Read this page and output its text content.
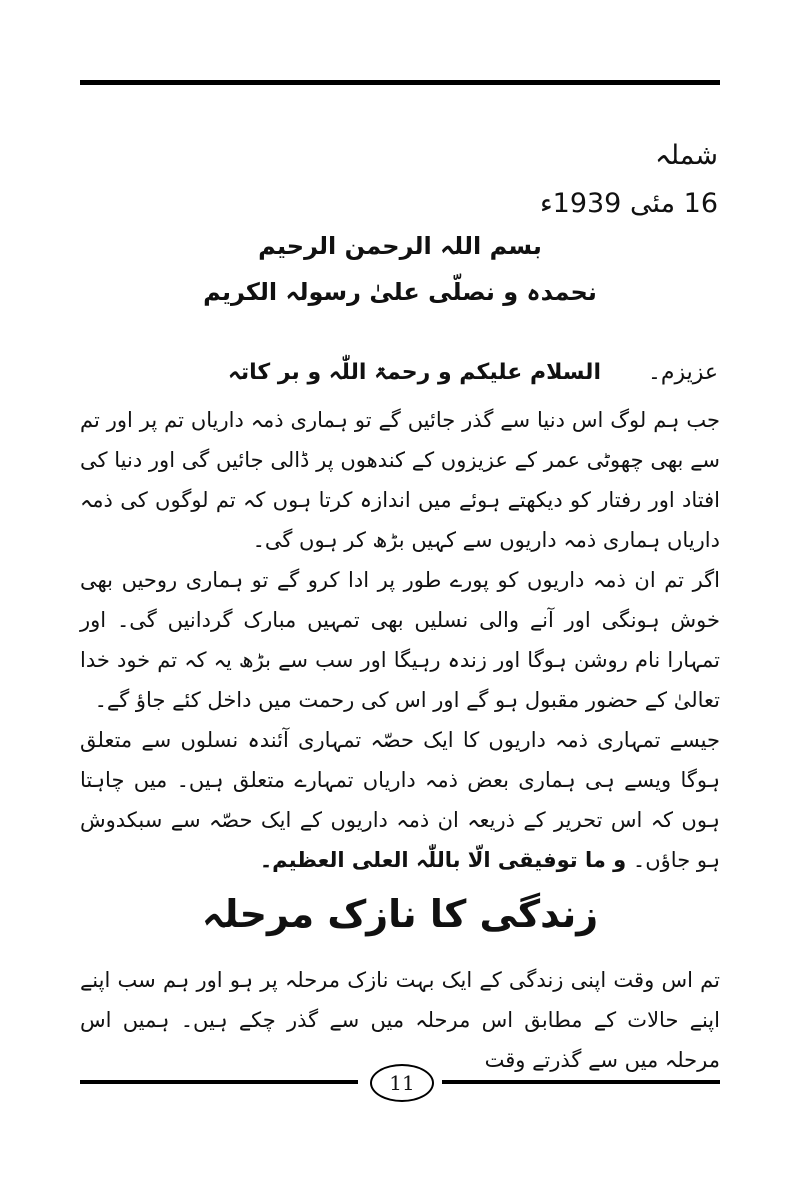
شملہ
16 مئی 1939ء
بسم اللہ الرحمن الرحیم
نحمدہ و نصلّی علیٰ رسولہ الکریم
عزیزم۔ السلام علیکم و رحمۃ اللّٰہ و بر کاتہ

جب ہم لوگ اس دنیا سے گذر جائیں گے تو ہماری ذمہ داریاں تم پر اور تم سے بھی چھوٹی عمر کے عزیزوں کے کندھوں پر ڈالی جائیں گی اور دنیا کی افتاد اور رفتار کو دیکھتے ہوئے میں اندازہ کرتا ہوں کہ تم لوگوں کی ذمہ داریاں ہماری ذمہ داریوں سے کہیں بڑھ کر ہوں گی۔

اگر تم ان ذمہ داریوں کو پورے طور پر ادا کرو گے تو ہماری روحیں بھی خوش ہونگی اور آنے والی نسلیں بھی تمہیں مبارک گردانیں گی۔ اور تمہارا نام روشن ہوگا اور زندہ رہیگا اور سب سے بڑھ یہ کہ تم خود خدا تعالیٰ کے حضور مقبول ہو گے اور اس کی رحمت میں داخل کئے جاؤ گے۔

جیسے تمہاری ذمہ داریوں کا ایک حصّہ تمہاری آئندہ نسلوں سے متعلق ہوگا ویسے ہی ہماری بعض ذمہ داریاں تمہارے متعلق ہیں۔ میں چاہتا ہوں کہ اس تحریر کے ذریعہ ان ذمہ داریوں کے ایک حصّہ سے سبکدوش ہو جاؤں۔ و ما توفیقی الّا باللّٰہ العلی العظیم۔

زندگی کا نازک مرحلہ
تم اس وقت اپنی زندگی کے ایک بہت نازک مرحلہ پر ہو اور ہم سب اپنے اپنے حالات کے مطابق اس مرحلہ میں سے گذر چکے ہیں۔ ہمیں اس مرحلہ میں سے گذرتے وقت
11
